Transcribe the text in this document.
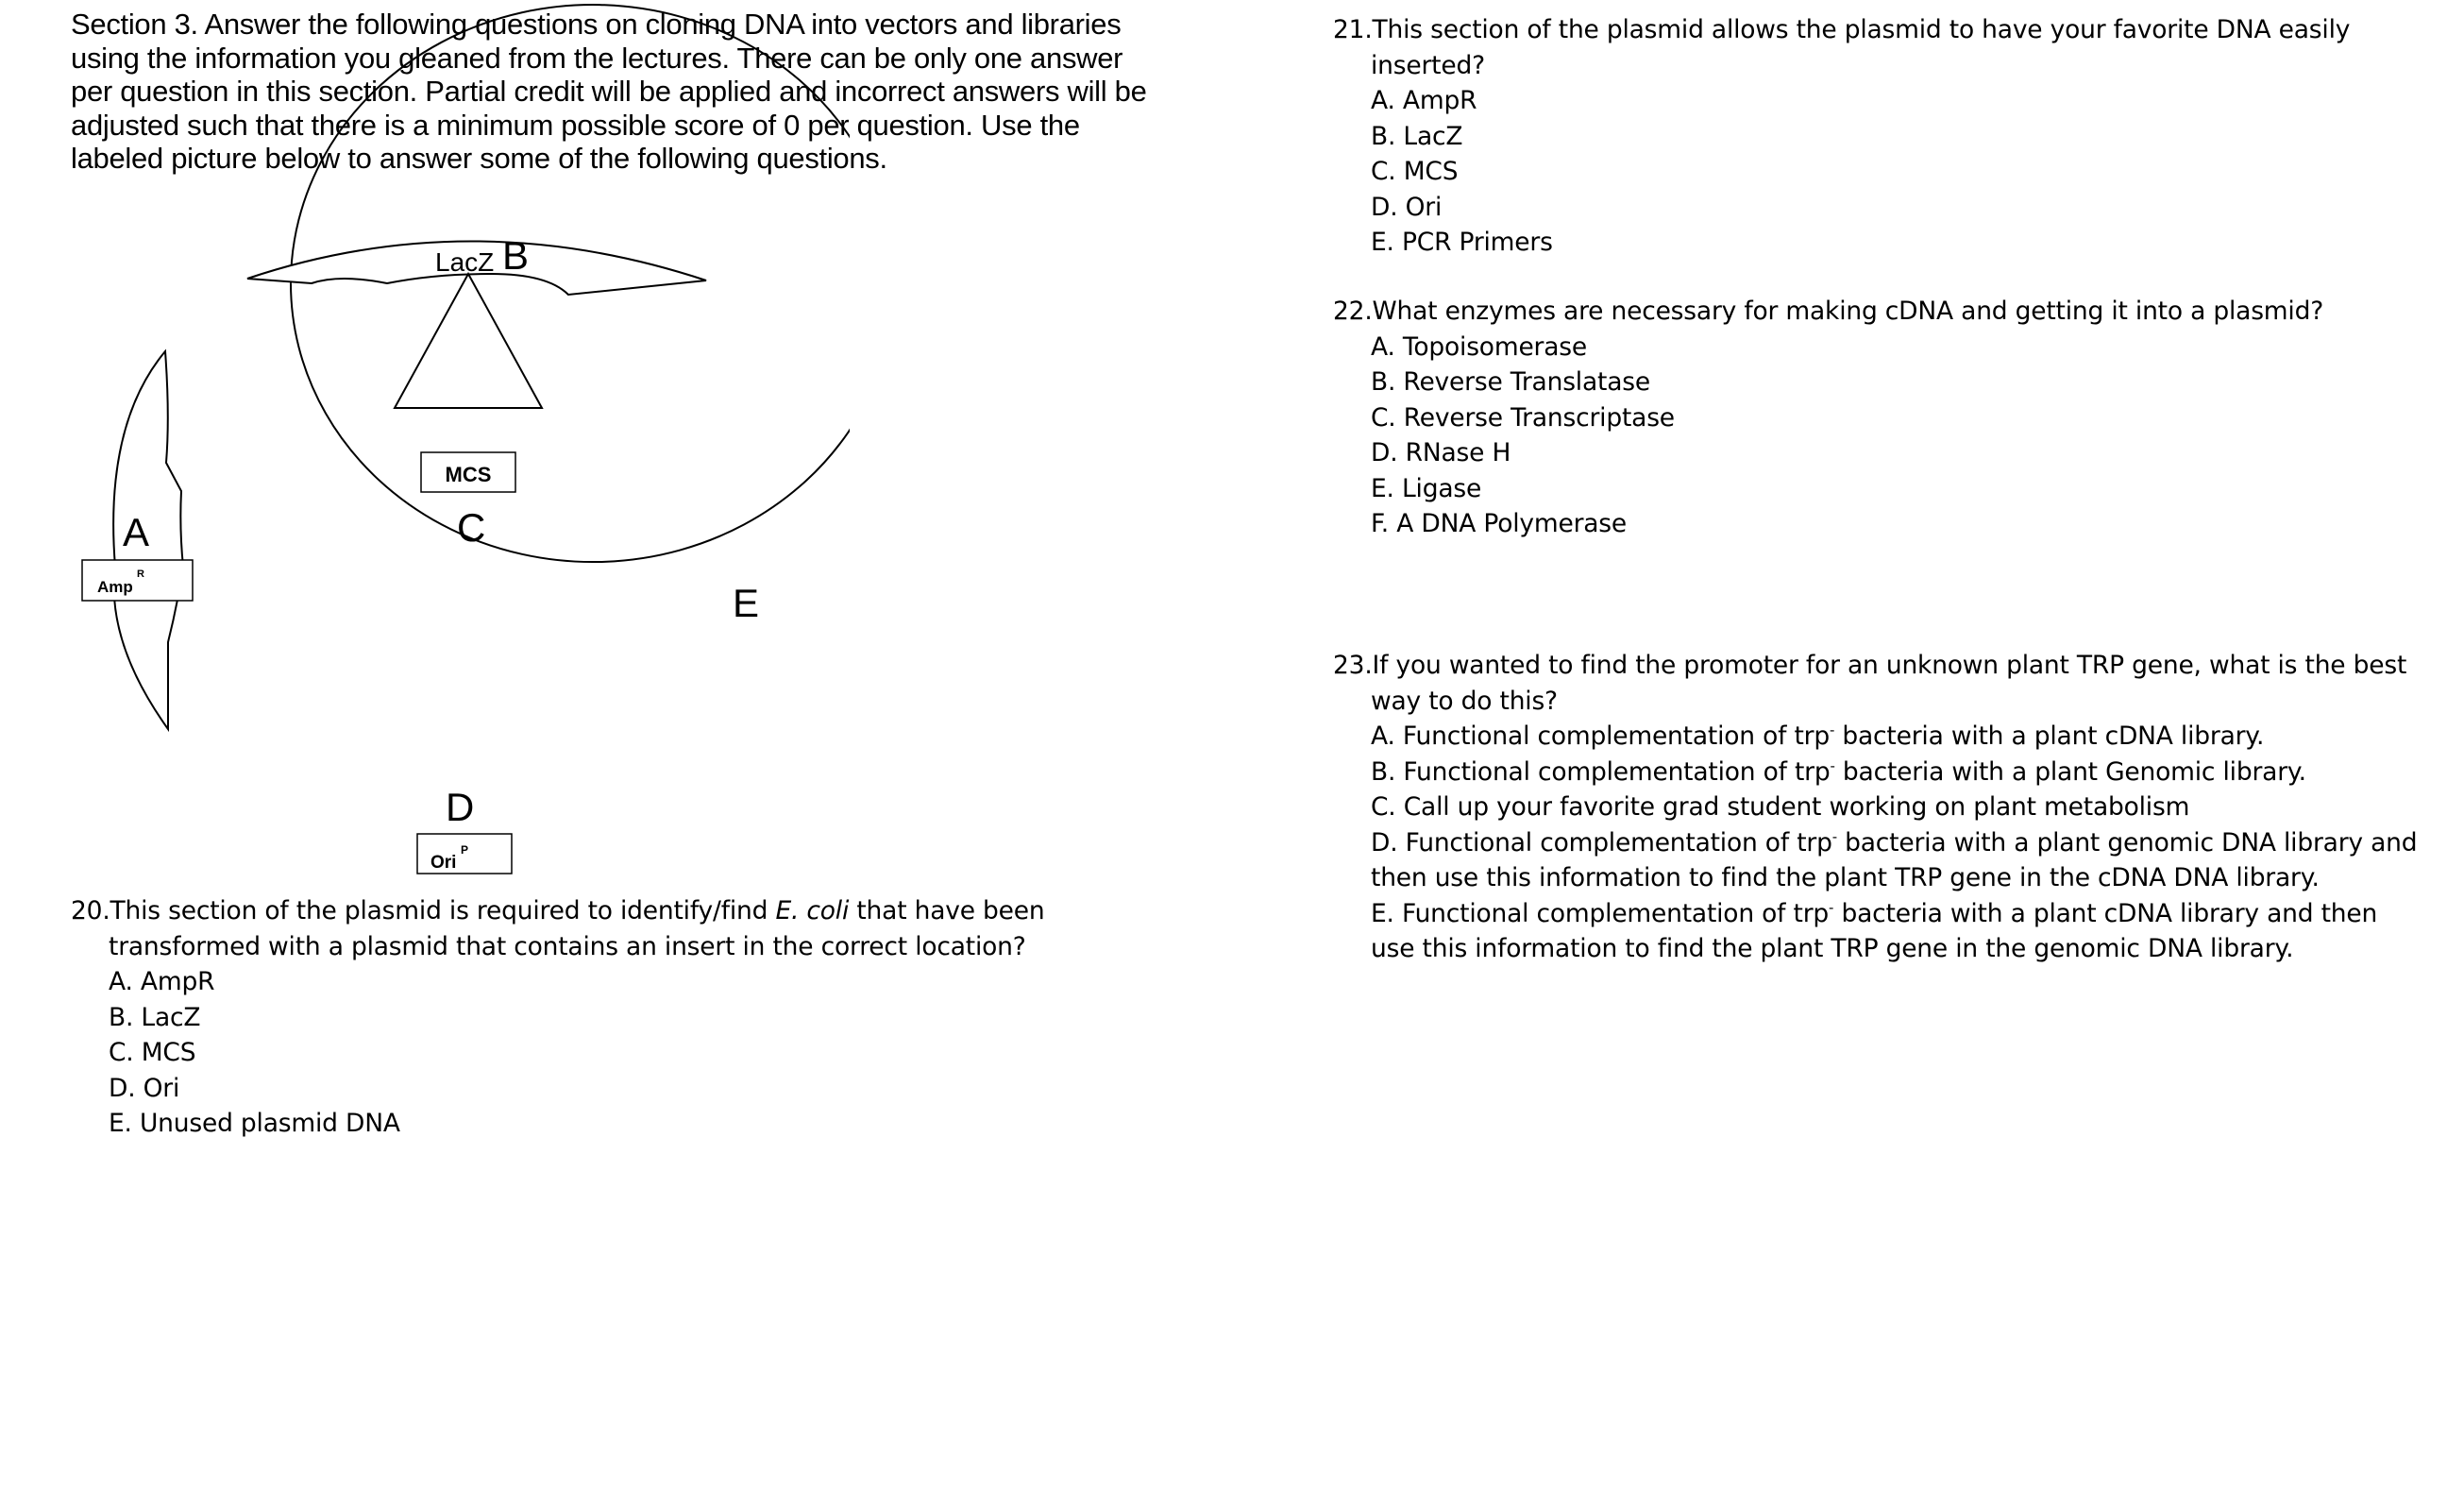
Section 3. Answer the following questions on cloning DNA into vectors and libraries using the information you gleaned from the lectures. There can be only one answer per question in this section. Partial credit will be applied and incorrect answers will be adjusted such that there is a minimum possible score of 0 per question. Use the labeled picture below to answer some of the following questions.
MCS
Amp
R
Ori
P
LacZ B
A	C
D
E
20.This section of the plasmid is required to identify/find E. coli that have been transformed with a plasmid that contains an insert in the correct location?
A. AmpR
B. LacZ
C. MCS
D. Ori
E. Unused plasmid DNA
21.This section of the plasmid allows the plasmid to have your favorite DNA easily inserted?
A. AmpR
B. LacZ
C. MCS
D. Ori
E. PCR Primers
22.What enzymes are necessary for making cDNA and getting it into a plasmid?
A. Topoisomerase
B. Reverse Translatase
C. Reverse Transcriptase
D. RNase H
E. Ligase
F. A DNA Polymerase
23.If you wanted to find the promoter for an unknown plant TRP gene, what is the best way to do this?
A. Functional complementation of trp- bacteria with a plant cDNA library.
B. Functional complementation of trp- bacteria with a plant Genomic library.
C. Call up your favorite grad student working on plant metabolism
D. Functional complementation of trp- bacteria with a plant genomic DNA library and then use this information to find the plant TRP gene in the cDNA DNA library.
E. Functional complementation of trp- bacteria with a plant cDNA library and then use this information to find the plant TRP gene in the genomic DNA library.
